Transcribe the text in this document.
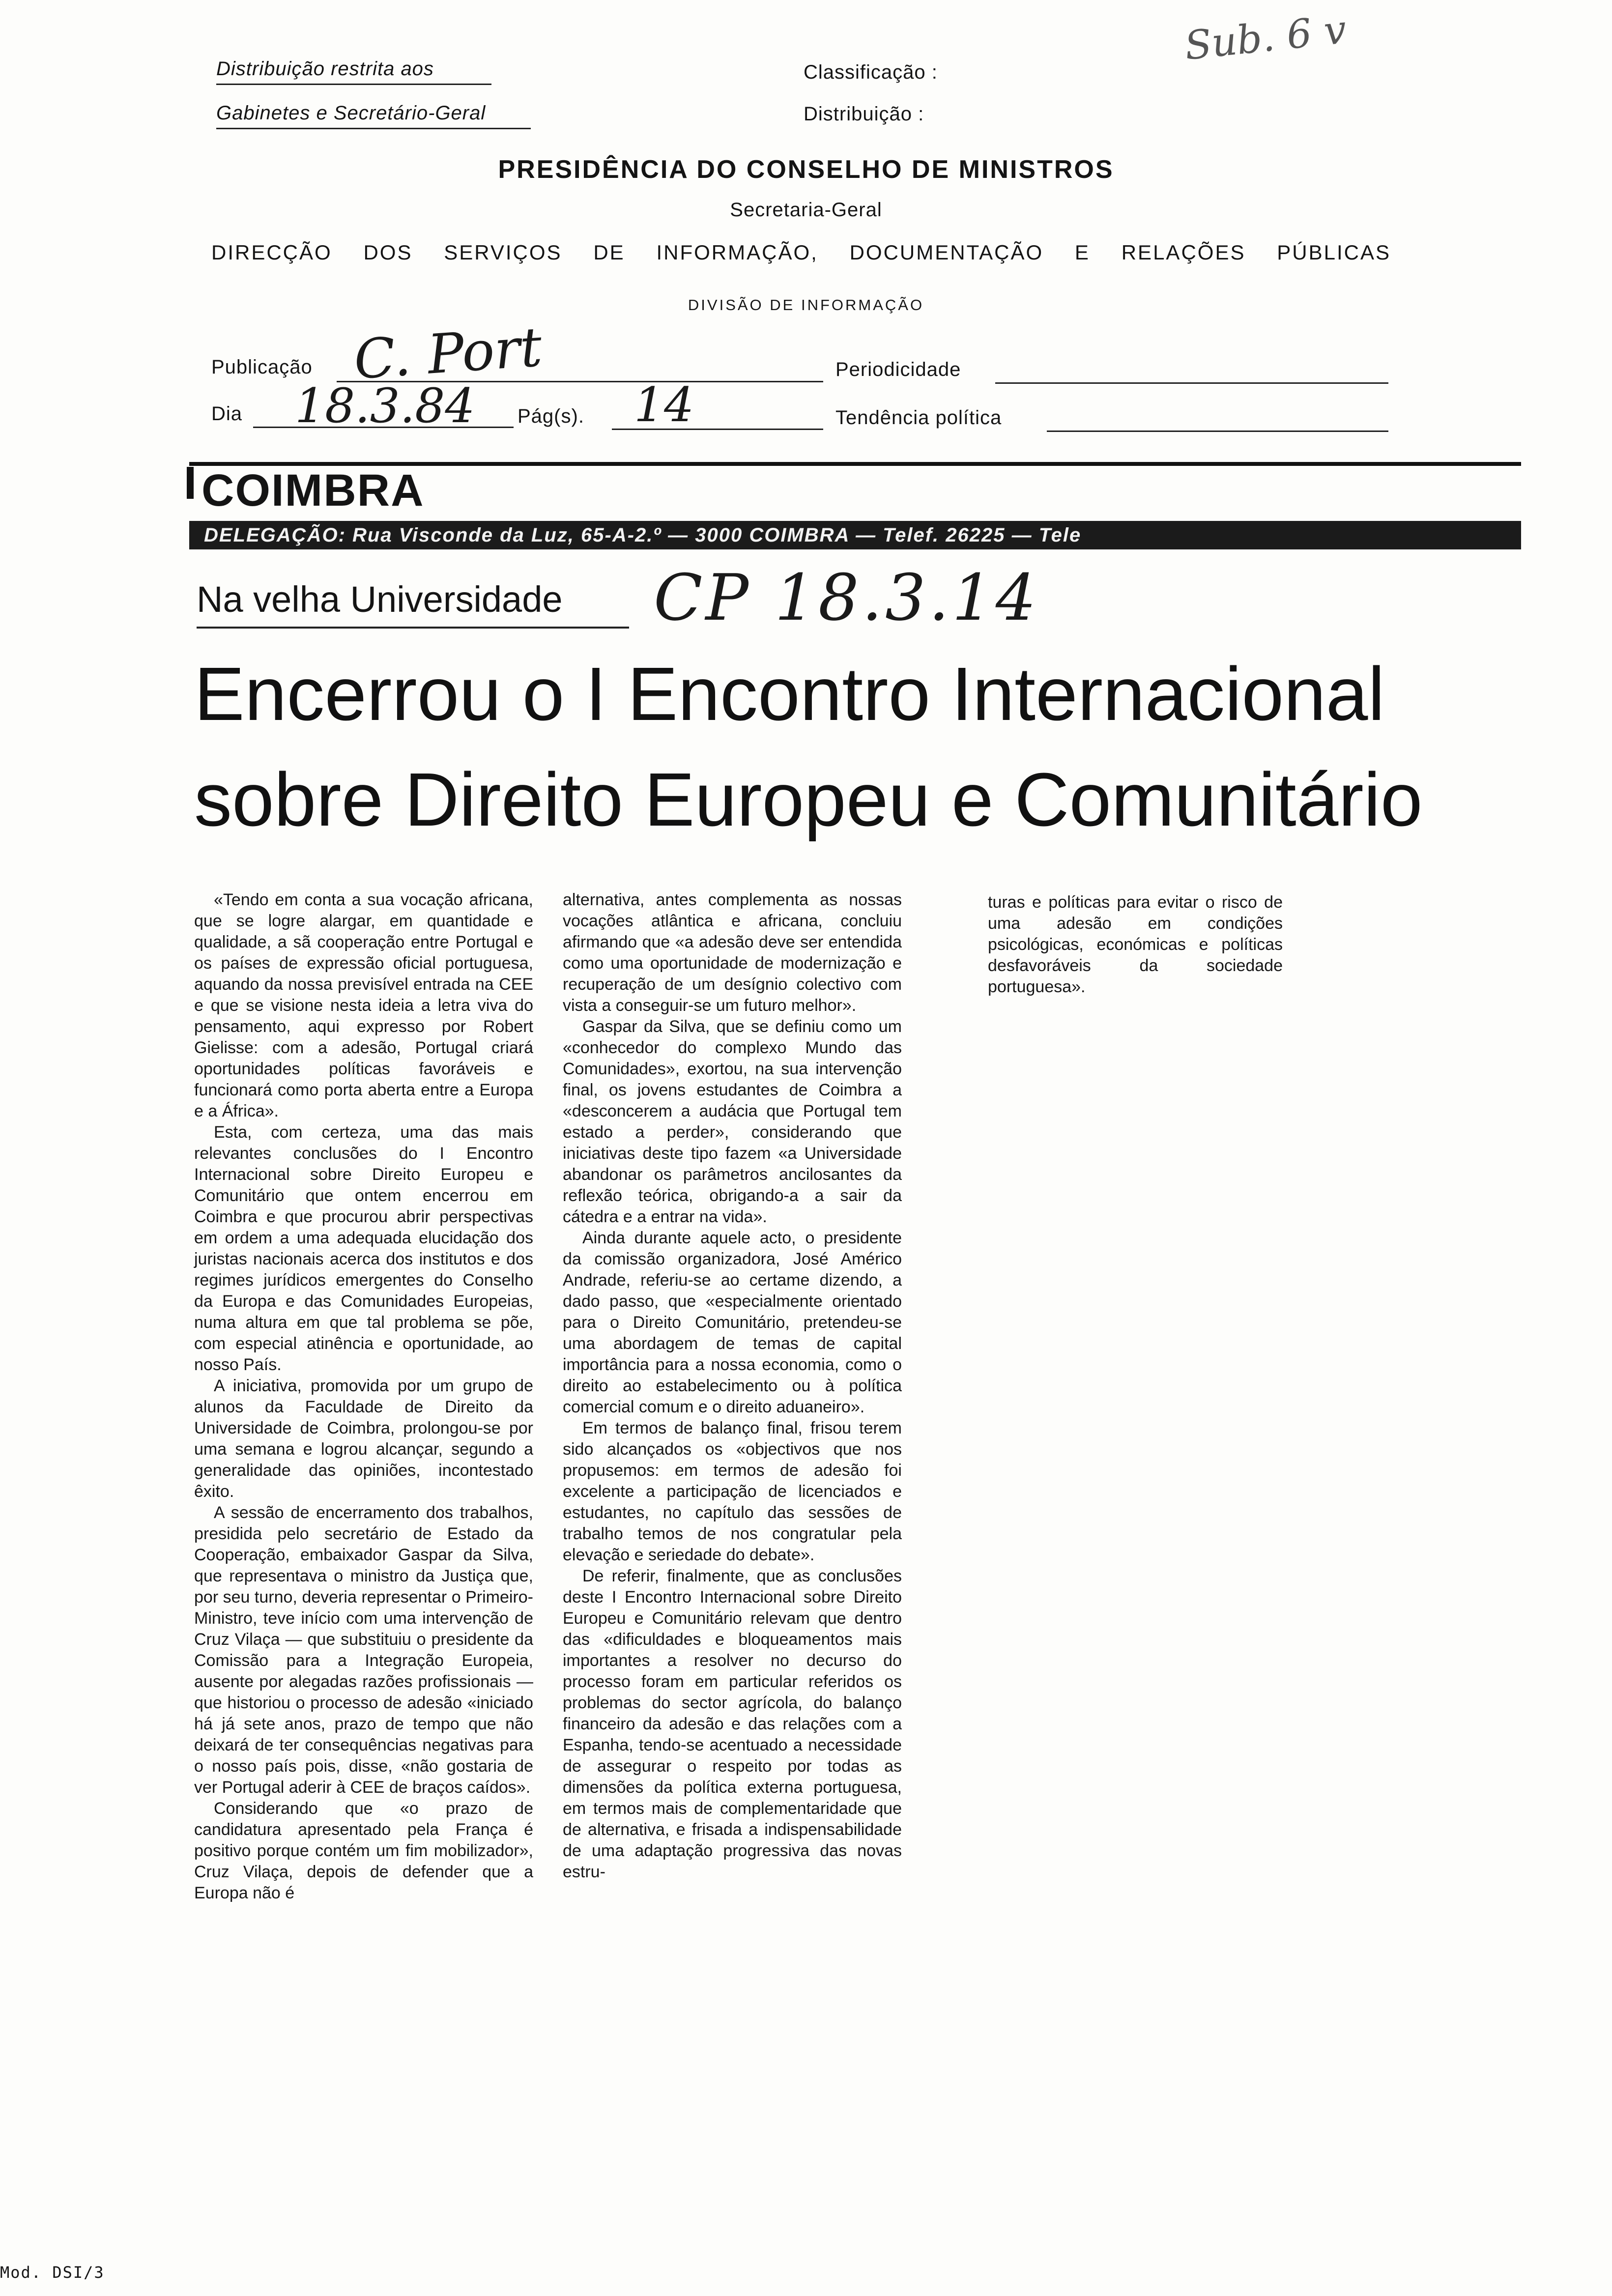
Distribuição restrita aos
Gabinetes e Secretário-Geral
Classificação :
Distribuição :
Sub. 6 v
PRESIDÊNCIA DO CONSELHO DE MINISTROS
Secretaria-Geral
DIRECÇÃO DOS SERVIÇOS DE INFORMAÇÃO, DOCUMENTAÇÃO E RELAÇÕES PÚBLICAS
DIVISÃO DE INFORMAÇÃO
Publicação C. Port	Periodicidade
Dia 18.3.84 Pág(s). 14	Tendência política
COIMBRA
DELEGAÇÃO: Rua Visconde da Luz, 65-A-2.º — 3000 COIMBRA — Telef. 26225 — Tele
Na velha Universidade CP 18.3.14
Encerrou o I Encontro Internacional
sobre Direito Europeu e Comunitário

«Tendo em conta a sua vocação africana, que se logre alargar, em quantidade e qualidade, a sã cooperação entre Portugal e os países de expressão oficial portuguesa, aquando da nossa previsível entrada na CEE e que se visione nesta ideia a letra viva do pensamento, aqui expresso por Robert Gielisse: com a adesão, Portugal criará oportunidades políticas favoráveis e funcionará como porta aberta entre a Europa e a África».

Esta, com certeza, uma das mais relevantes conclusões do I Encontro Internacional sobre Direito Europeu e Comunitário que ontem encerrou em Coimbra e que procurou abrir perspectivas em ordem a uma adequada elucidação dos juristas nacionais acerca dos institutos e dos regimes jurídicos emergentes do Conselho da Europa e das Comunidades Europeias, numa altura em que tal problema se põe, com especial atinência e oportunidade, ao nosso País.

A iniciativa, promovida por um grupo de alunos da Faculdade de Direito da Universidade de Coimbra, prolongou-se por uma semana e logrou alcançar, segundo a generalidade das opiniões, incontestado êxito.

A sessão de encerramento dos trabalhos, presidida pelo secretário de Estado da Cooperação, embaixador Gaspar da Silva, que representava o ministro da Justiça que, por seu turno, deveria representar o Primeiro-Ministro, teve início com uma intervenção de Cruz Vilaça — que substituiu o presidente da Comissão para a Integração Europeia, ausente por alegadas razões profissionais — que historiou o processo de adesão «iniciado há já sete anos, prazo de tempo que não deixará de ter consequências negativas para o nosso país pois, disse, «não gostaria de ver Portugal aderir à CEE de braços caídos».

Considerando que «o prazo de candidatura apresentado pela França é positivo porque contém um fim mobilizador», Cruz Vilaça, depois de defender que a Europa não é

alternativa, antes complementa as nossas vocações atlântica e africana, concluiu afirmando que «a adesão deve ser entendida como uma oportunidade de modernização e recuperação de um desígnio colectivo com vista a conseguir-se um futuro melhor».

Gaspar da Silva, que se definiu como um «conhecedor do complexo Mundo das Comunidades», exortou, na sua intervenção final, os jovens estudantes de Coimbra a «desconcerem a audácia que Portugal tem estado a perder», considerando que iniciativas deste tipo fazem «a Universidade abandonar os parâmetros ancilosantes da reflexão teórica, obrigando-a a sair da cátedra e a entrar na vida».

Ainda durante aquele acto, o presidente da comissão organizadora, José Américo Andrade, referiu-se ao certame dizendo, a dado passo, que «especialmente orientado para o Direito Comunitário, pretendeu-se uma abordagem de temas de capital importância para a nossa economia, como o direito ao estabelecimento ou à política comercial comum e o direito aduaneiro».

Em termos de balanço final, frisou terem sido alcançados os «objectivos que nos propusemos: em termos de adesão foi excelente a participação de licenciados e estudantes, no capítulo das sessões de trabalho temos de nos congratular pela elevação e seriedade do debate».

De referir, finalmente, que as conclusões deste I Encontro Internacional sobre Direito Europeu e Comunitário relevam que dentro das «dificuldades e bloqueamentos mais importantes a resolver no decurso do processo foram em particular referidos os problemas do sector agrícola, do balanço financeiro da adesão e das relações com a Espanha, tendo-se acentuado a necessidade de assegurar o respeito por todas as dimensões da política externa portuguesa, em termos mais de complementaridade que de alternativa, e frisada a indispensabilidade de uma adaptação progressiva das novas estru-

turas e políticas para evitar o risco de uma adesão em condições psicológicas, económicas e políticas desfavoráveis da sociedade portuguesa».

Mod. DSI/3
